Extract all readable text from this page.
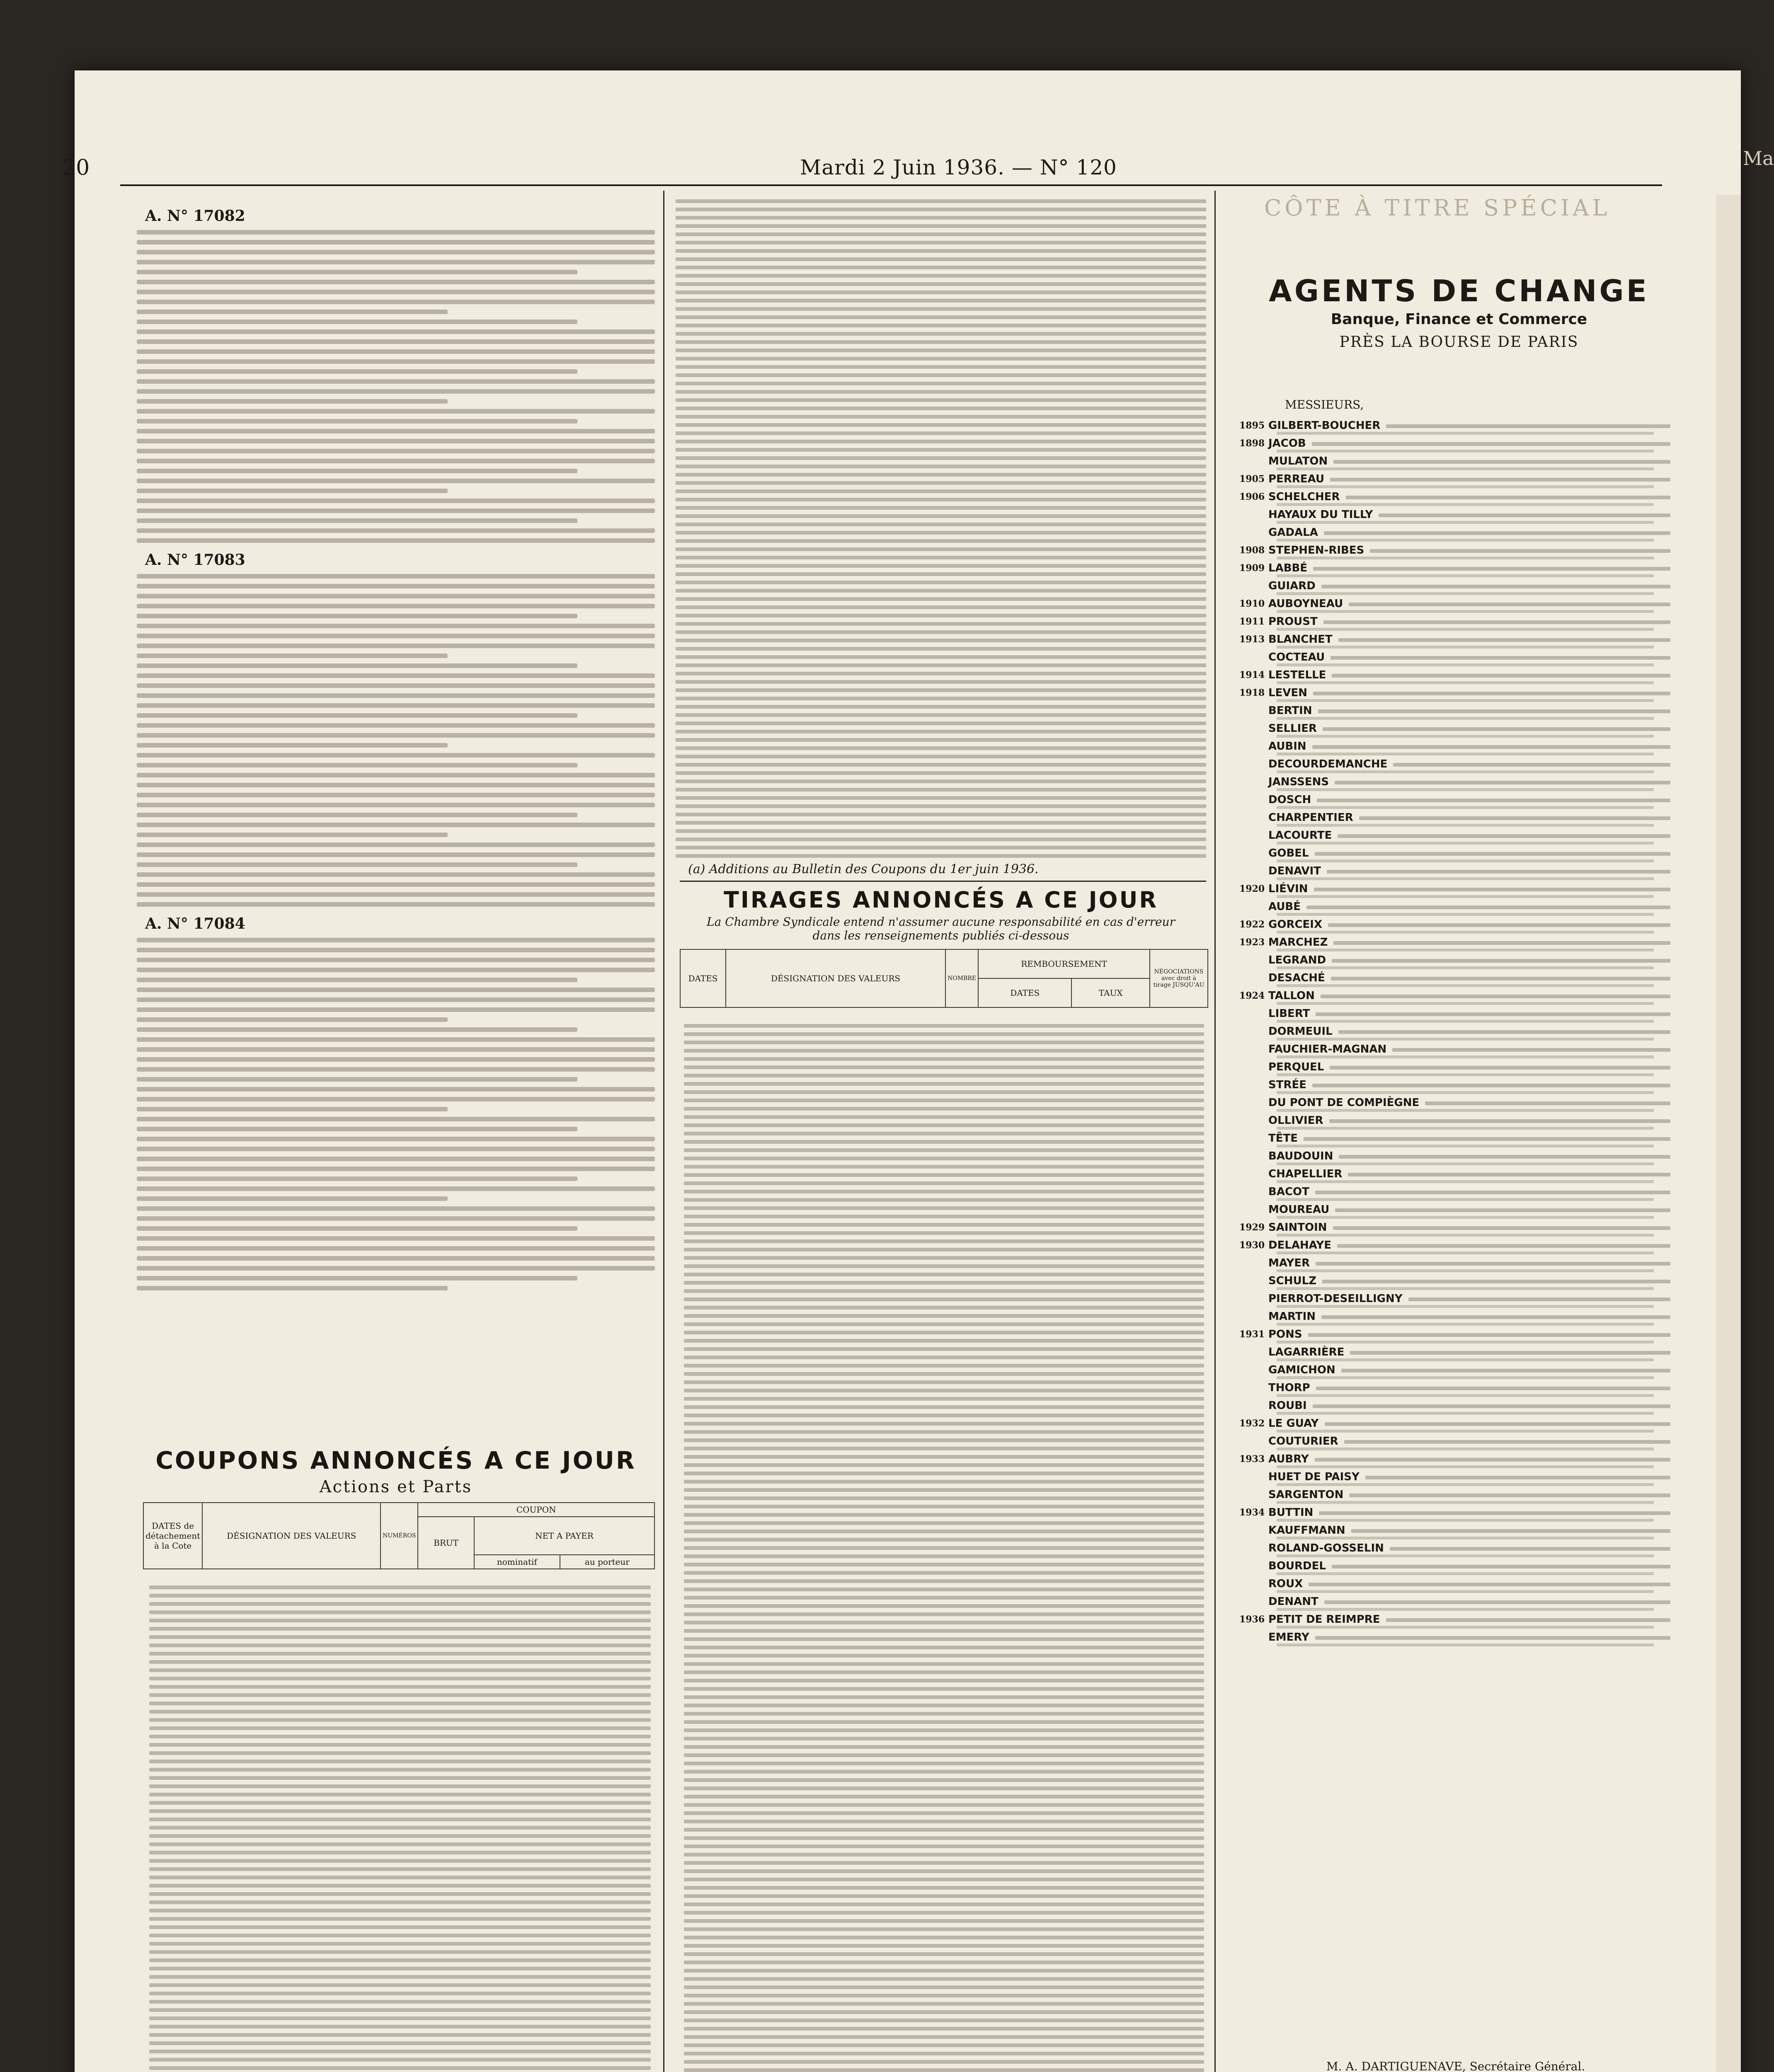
20	Mardi 2 Juin 1936. — N° 120	Ma
A. N° 17082
A. N° 17083
A. N° 17084
COUPONS ANNONCÉS A CE JOUR
Actions et Parts
DATES de détachement à la Cote	DÉSIGNATION DES VALEURS	NUMÉROS	COUPON		
			BRUT	NET A PAYER	
				nominatif	au porteur
(a) Additions au Bulletin des Coupons du 1er juin 1936.
TIRAGES ANNONCÉS A CE JOUR
La Chambre Syndicale entend n'assumer aucune responsabilité en cas d'erreur dans les renseignements publiés ci-dessous
DATES	DÉSIGNATION DES VALEURS	NOMBRE	REMBOURSEMENT		NÉGOCIATIONS avec droit à tirage JUSQU'AU
			DATES	TAUX	
CÔTE À TITRE SPÉCIAL
AGENTS DE CHANGE
Banque, Finance et Commerce
PRÈS LA BOURSE DE PARIS
MESSIEURS,
1895 GILBERT-BOUCHER
1898 JACOB
MULATON
1905 PERREAU
1906 SCHELCHER
HAYAUX DU TILLY
GADALA
1908 STEPHEN-RIBES
1909 LABBÉ
GUIARD
1910 AUBOYNEAU
1911 PROUST
1913 BLANCHET
COCTEAU
1914 LESTELLE
1918 LEVEN
BERTIN
SELLIER
AUBIN
DECOURDEMANCHE
JANSSENS
DOSCH
CHARPENTIER
LACOURTE
GOBEL
DENAVIT
1920 LIÉVIN
AUBÉ
1922 GORCEIX
1923 MARCHEZ
LEGRAND
DESACHÉ
1924 TALLON
LIBERT
DORMEUIL
FAUCHIER-MAGNAN
PERQUEL
STRÉE
DU PONT DE COMPIÈGNE
OLLIVIER
TÊTE
BAUDOUIN
CHAPELLIER
BACOT
MOUREAU
1929 SAINTOIN
1930 DELAHAYE
MAYER
SCHULZ
PIERROT-DESEILLIGNY
MARTIN
1931 PONS
LAGARRIÈRE
GAMICHON
THORP
ROUBI
1932 LE GUAY
COUTURIER
1933 AUBRY
HUET DE PAISY
SARGENTON
1934 BUTTIN
KAUFFMANN
ROLAND-GOSSELIN
BOURDEL
ROUX
DENANT
1936 PETIT DE REIMPRE
EMERY
M. A. DARTIGUENAVE, Secrétaire Général.
